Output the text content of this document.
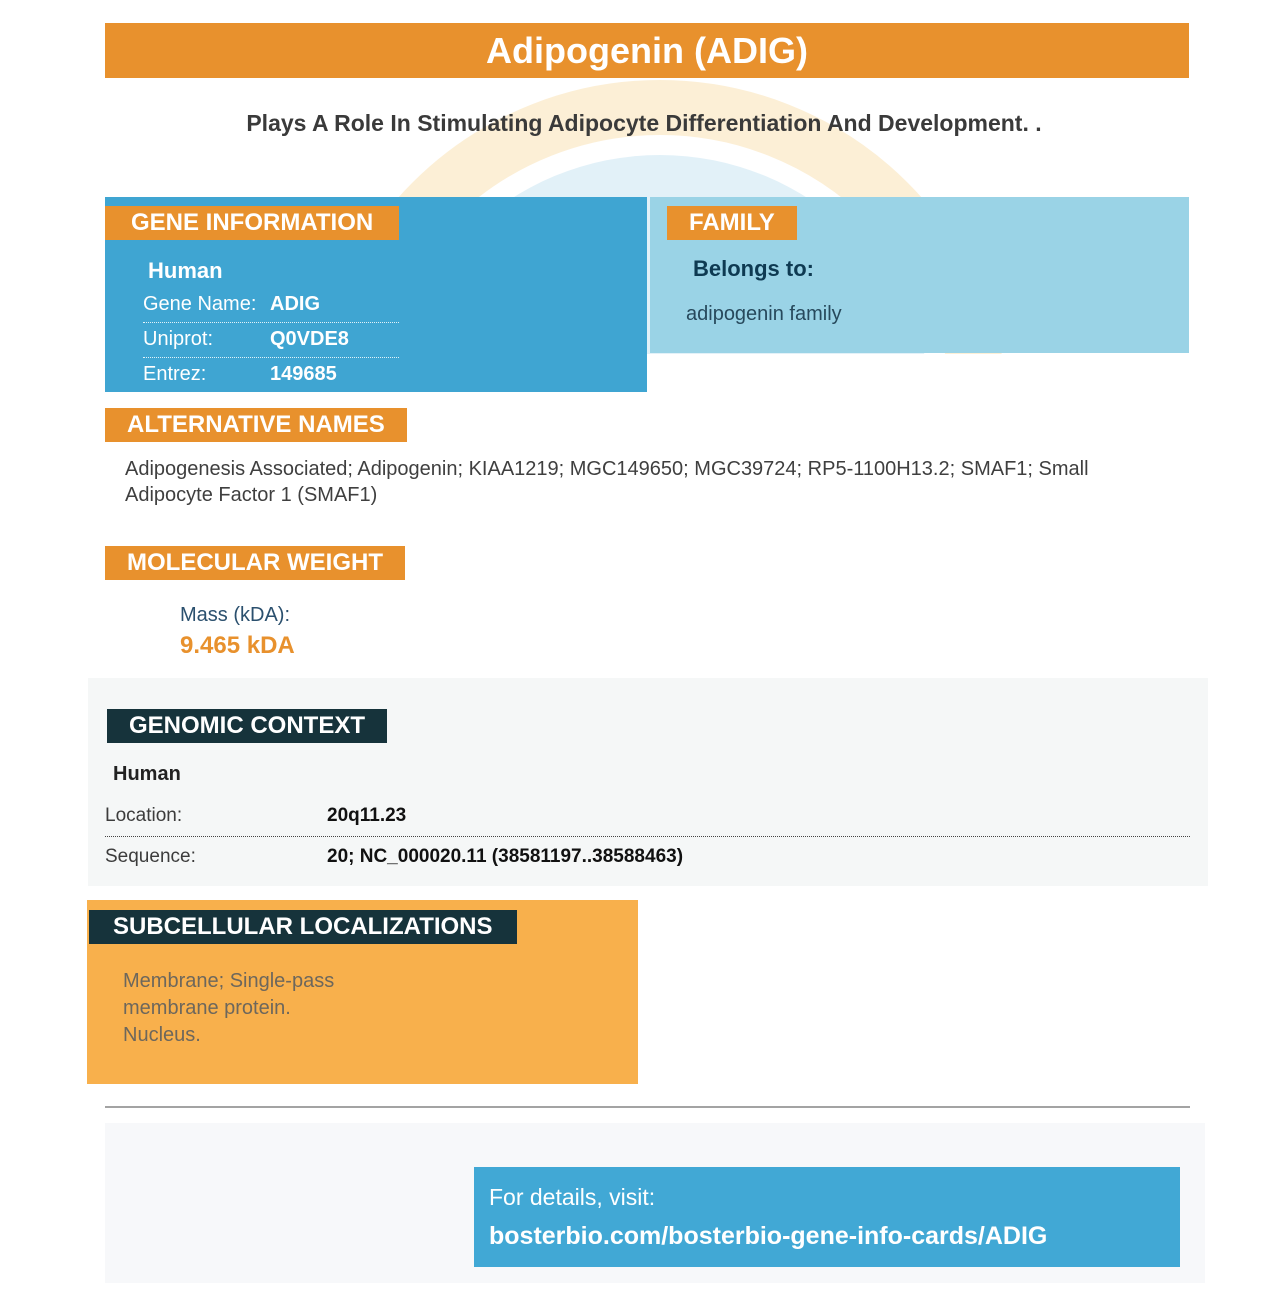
Adipogenin (ADIG)
Plays A Role In Stimulating Adipocyte Differentiation And Development. .
GENE INFORMATION
Human
Gene Name: ADIG
Uniprot:	Q0VDE8
Entrez:	149685
FAMILY
Belongs to:
adipogenin family
ALTERNATIVE NAMES
Adipogenesis Associated; Adipogenin; KIAA1219; MGC149650; MGC39724; RP5-1100H13.2; SMAF1; Small Adipocyte Factor 1 (SMAF1)
MOLECULAR WEIGHT
Mass (kDA):
9.465 kDA
GENOMIC CONTEXT
Human
Location:	20q11.23
Sequence:	20; NC_000020.11 (38581197..38588463)
SUBCELLULAR LOCALIZATIONS
Membrane; Single-pass
membrane protein.
Nucleus.
For details, visit:
bosterbio.com/bosterbio-gene-info-cards/ADIG
